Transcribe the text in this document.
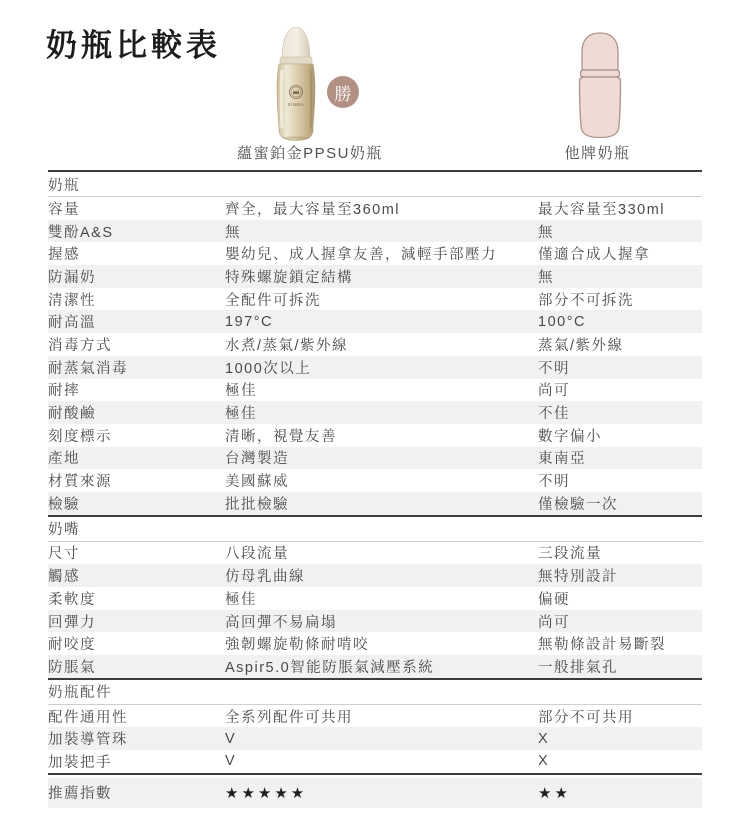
奶瓶比較表
SIMBA
勝
蘊蜜鉑金PPSU奶瓶	他牌奶瓶
奶瓶
容量	齊全，最大容量至360ml	最大容量至330ml
雙酚A&S	無	無
握感	嬰幼兒、成人握拿友善，減輕手部壓力	僅適合成人握拿
防漏奶	特殊螺旋鎖定結構	無
清潔性	全配件可拆洗	部分不可拆洗
耐高溫	197°C	100°C
消毒方式	水煮/蒸氣/紫外線	蒸氣/紫外線
耐蒸氣消毒	1000次以上	不明
耐摔	極佳	尚可
耐酸鹼	極佳	不佳
刻度標示	清晰，視覺友善	數字偏小
產地	台灣製造	東南亞
材質來源	美國蘇威	不明
檢驗	批批檢驗	僅檢驗一次
奶嘴
尺寸	八段流量	三段流量
觸感	仿母乳曲線	無特別設計
柔軟度	極佳	偏硬
回彈力	高回彈不易扁塌	尚可
耐咬度	強韌螺旋勒條耐啃咬	無勒條設計易斷裂
防脹氣	Aspir5.0智能防脹氣減壓系統	一般排氣孔
奶瓶配件
配件通用性	全系列配件可共用	部分不可共用
加裝導管珠	V	X
加裝把手	V	X
推薦指數	★★★★★	★★
